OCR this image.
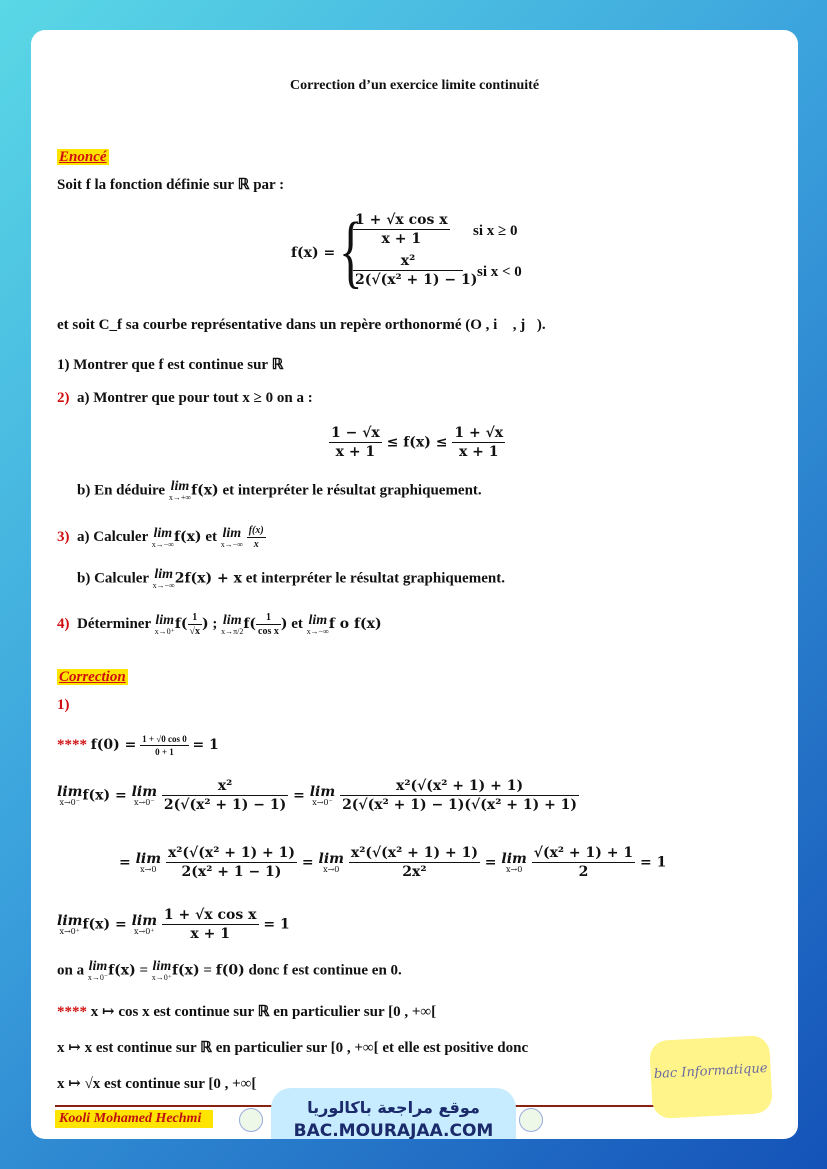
Correction d’un exercice limite continuité
Enoncé
Soit f la fonction définie sur ℝ par :
f(x) = {
$\frac{\text{1 + √x cos x}}{x + 1}$ si x ≥ 0
$\frac{\text{x²}}{\text{2(√(x² + 1) − 1)}}$ si x < 0
et soit C_f sa courbe représentative dans un repère orthonormé (O , i⃗ , j⃗).
1) Montrer que f est continue sur ℝ
2) a) Montrer que pour tout x ≥ 0 on a :
$\frac{1 - √x}{x + 1} \le f(x) \le \frac{1 + √x}{x + 1}$
b) En déduire lim
x→+∞ f(x) et interpréter le résultat graphiquement.
3) a) Calculer lim
x→−∞ f(x) et lim
x→−∞
$\frac{f(x)}{x}$
b) Calculer lim
x→−∞ 2f(x) + x et interpréter le résultat graphiquement.
4) Déterminer lim
x→0⁺ $f( \frac{1}{√x}$ ) ; lim
x→π/2 $f( \frac{1}{\text{cos x}}$ ) et lim
x→−∞ f o f(x)
Correction
1)
**** $f(0) = \frac{1 + √0 \cos 0}{0 + 1} = 1$
lim
x→0⁻ f(x) = lim
x→0⁻
$\frac{\text{x²}}{\text{2(√(x² + 1) − 1)}} = \lim$
x→0⁻
$\frac{\text{x²(√(x² + 1) + 1)}}{\text{2(√(x² + 1) − 1)(√(x² + 1) + 1)}}$
= lim
x→0
$\frac{\text{x²(√(x² + 1) + 1)}}{\text{2(x² + 1 − 1)}} = \lim$
x→0
$\frac{\text{x²(√(x² + 1) + 1)}}{\text{2x²}} = \lim$
x→0
$\frac{\text{√(x² + 1) + 1}}{2} = 1$
lim
x→0⁺ f(x) = lim
x→0⁺
$\frac{\text{1 + √x cos x}}{x + 1} = 1$
on a lim
x→0⁻ f(x) = lim
x→0⁺ f(x) = f(0) donc f est continue en 0.
**** x ↦ cos x est continue sur ℝ en particulier sur [0 , +∞[
x ↦ x est continue sur ℝ en particulier sur [0 , +∞[ et elle est positive donc
x ↦ √x est continue sur [0 , +∞[
Kooli Mohamed Hechmi
موقع مراجعة باكالوريا
BAC.MOURAJAA.COM
bac Informatique
